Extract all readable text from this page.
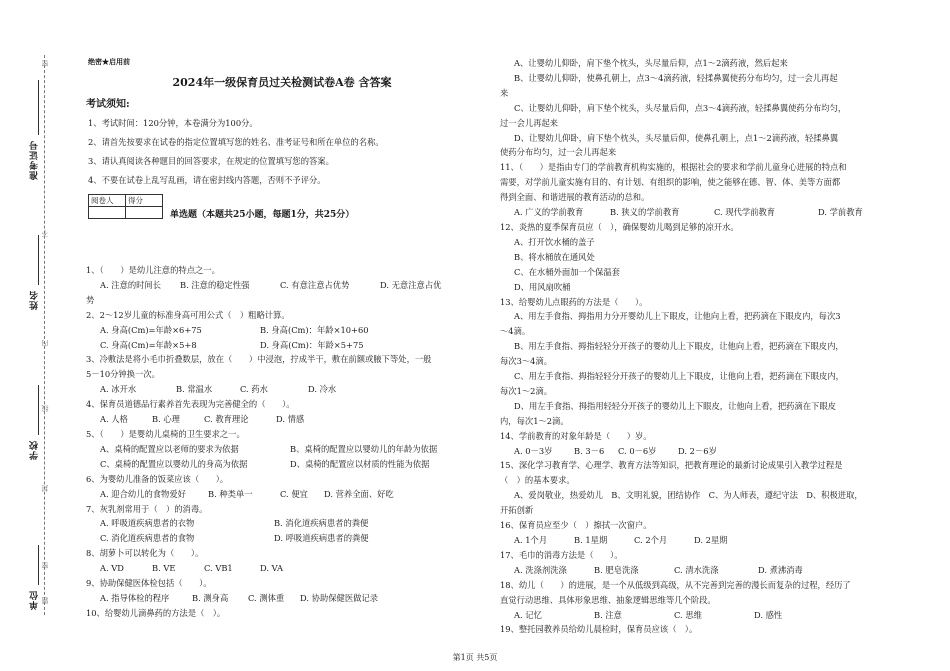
准考证号
姓名
学校
单位
密
不
内
线
封
密
题
绝密★启用前
2024年一级保育员过关检测试卷A卷 含答案
考试须知:
1、考试时间：120分钟，本卷满分为100分。
2、请首先按要求在试卷的指定位置填写您的姓名、准考证号和所在单位的名称。
3、请认真阅读各种题目的回答要求，在规定的位置填写您的答案。
4、不要在试卷上乱写乱画，请在密封线内答题，否则不予评分。
阅卷人	得分

单选题（本题共25小题，每题1分，共25分）
1、（　　）是幼儿注意的特点之一。
A. 注意的时间长	B. 注意的稳定性强	C. 有意注意占优势	D. 无意注意占优
势
2、2～12岁儿童的标准身高可用公式（　）粗略计算。
A. 身高(Cm)=年龄×6+75	B. 身高(Cm)：年龄×10+60
C. 身高(Cm)=年龄×5+8	D. 身高(Cm)：年龄×5+75
3、冷敷法是将小毛巾折叠数层，放在（　　）中浸泡，拧成半干，敷在前额或腋下等处，一般
5－10分钟换一次。
A. 冰开水	B. 常温水	C. 药水	D. 冷水
4、保育员道德品行素养首先表现为完善健全的（　　）。
A. 人格	B. 心理	C. 教育理论	D. 情感
5、（　　）是婴幼儿桌椅的卫生要求之一。
A、桌椅的配置应以老师的要求为依据	B、桌椅的配置应以婴幼儿的年龄为依据
C、桌椅的配置应以婴幼儿的身高为依据	D、桌椅的配置应以材质的性能为依据
6、为婴幼儿准备的饭菜应该（　　）。
A. 迎合幼儿的食物爱好	B. 种类单一	C. 便宜	D. 营养全面、好吃
7、灰乳剂常用于（　）的消毒。
A. 呼吸道疾病患者的衣物	B. 消化道疾病患者的粪便
C. 消化道疾病患者的食物	D. 呼吸道疾病患者的粪便
8、胡萝卜可以转化为（　　）。
A. VD	B. VE	C. VB1	D. VA
9、协助保健医体检包括（　　）。
A. 指导体检的程序	B. 测身高	C. 测体重	D. 协助保健医做记录
10、给婴幼儿滴鼻药的方法是（　）。
A、让婴幼儿仰卧，肩下垫个枕头，头尽量后仰，点1～2滴药液，然后起来
B、让婴幼儿仰卧，使鼻孔朝上，点3～4滴药液，轻揉鼻翼使药分布均匀，过一会儿再起
来
C、让婴幼儿仰卧，肩下垫个枕头，头尽量后仰，点3～4滴药液，轻揉鼻翼使药分布均匀，
过一会儿再起来
D、让婴幼儿仰卧，肩下垫个枕头，头尽量后仰，使鼻孔朝上，点1～2滴药液，轻揉鼻翼
使药分布均匀，过一会儿再起来
11、（　　）是指由专门的学前教育机构实施的，根据社会的要求和学前儿童身心进展的特点和
需要，对学前儿童实施有目的、有计划、有组织的影响，使之能够在德、智、体、美等方面都
得到全面、和谐进展的教育活动的总和。
A. 广义的学前教育	B. 狭义的学前教育	C. 现代学前教育	D. 学前教育
12、炎热的夏季保育员应（　），确保婴幼儿喝到足够的凉开水。
A、打开饮水桶的盖子
B、将水桶放在通风处
C、在水桶外面加一个保温套
D、用风扇吹桶
13、给婴幼儿点眼药的方法是（　　）。
A、用左手食指、拇指用力分开婴幼儿上下眼皮，让他向上看，把药滴在下眼皮内，每次3
～4滴。
B、用左手食指、拇指轻轻分开孩子的婴幼儿上下眼皮，让他向上看，把药滴在下眼皮内，
每次3～4滴。
C、用左手食指、拇指轻轻分开孩子的婴幼儿上下眼皮，让他向上看，把药滴在下眼皮内，
每次1～2滴。
D、用左手食指、拇指用轻轻分开孩子的婴幼儿上下眼皮，让他向上看，把药滴在下眼皮
内，每次1～2滴。
14、学前教育的对象年龄是（　　）岁。
A. 0－3岁	B. 3－6	C. 0－6岁	D. 2－6岁
15、深化学习教育学、心理学、教育方法等知识，把教育理论的最新讨论成果引入教学过程是
（　）的基本要求。
A、爱岗敬业，热爱幼儿　B、文明礼貌，团结协作　C、为人师表，遵纪守法　D、积极进取，
开拓创新
16、保育员应至少（　）擦拭一次窗户。
A. 1个月	B. 1星期	C. 2个月	D. 2星期
17、毛巾的消毒方法是（　　）。
A. 洗涤剂洗涤	B. 肥皂洗涤	C. 清水洗涤	D. 煮沸消毒
18、幼儿（　　）的进展，是一个从低级到高级，从不完善到完善的漫长而复杂的过程，经历了
直觉行动思维、具体形象思维、抽象逻辑思维等几个阶段。
A. 记忆	B. 注意	C. 思维	D. 感性
19、整托园教养员给幼儿晨检时，保育员应该（　）。
第1页 共5页
